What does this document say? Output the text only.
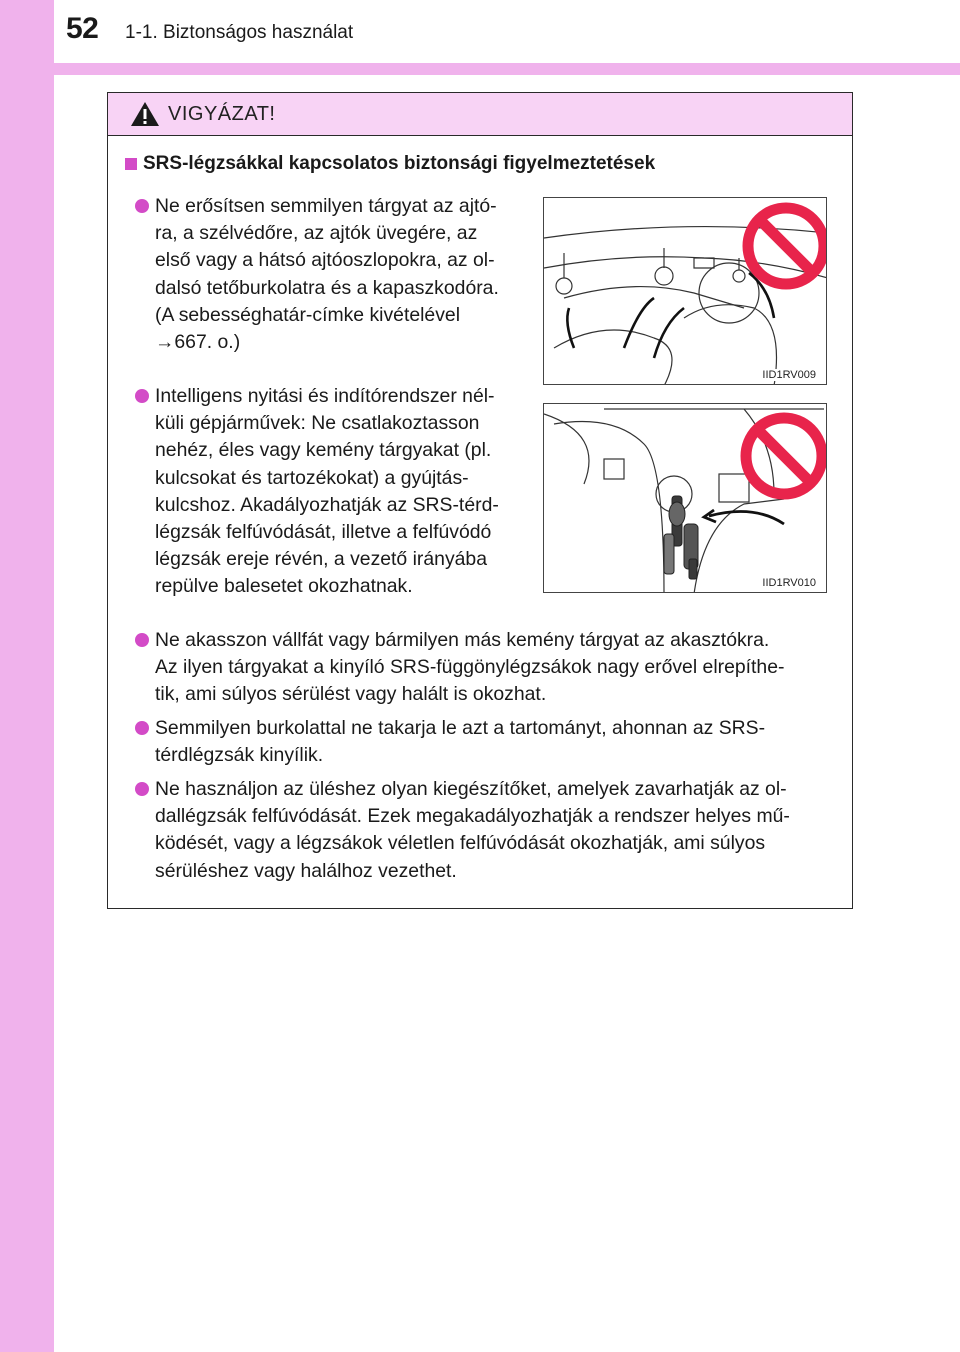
52 1-1. Biztonságos használat
VIGYÁZAT!
SRS-légzsákkal kapcsolatos biztonsági figyelmeztetések

Ne erősítsen semmilyen tárgyat az ajtó-

ra, a szélvédőre, az ajtók üvegére, az

első vagy a hátsó ajtóoszlopokra, az ol-

dalsó tetőburkolatra és a kapaszkodóra.

(A sebességhatár-címke kivételével

→667. o.)

IID1RV009

Intelligens nyitási és indítórendszer nél-

küli gépjárművek: Ne csatlakoztasson

nehéz, éles vagy kemény tárgyakat (pl.

kulcsokat és tartozékokat) a gyújtás-

kulcshoz. Akadályozhatják az SRS-térd-

légzsák felfúvódását, illetve a felfúvódó

légzsák ereje révén, a vezető irányába

repülve balesetet okozhatnak.	IID1RV010

Ne akasszon vállfát vagy bármilyen más kemény tárgyat az akasztókra.

Az ilyen tárgyakat a kinyíló SRS-függönylégzsákok nagy erővel elrepíthe-

tik, ami súlyos sérülést vagy halált is okozhat.

Semmilyen burkolattal ne takarja le azt a tartományt, ahonnan az SRS-

térdlégzsák kinyílik.

Ne használjon az üléshez olyan kiegészítőket, amelyek zavarhatják az ol-

dallégzsák felfúvódását. Ezek megakadályozhatják a rendszer helyes mű-

ködését, vagy a légzsákok véletlen felfúvódását okozhatják, ami súlyos

sérüléshez vagy halálhoz vezethet.
